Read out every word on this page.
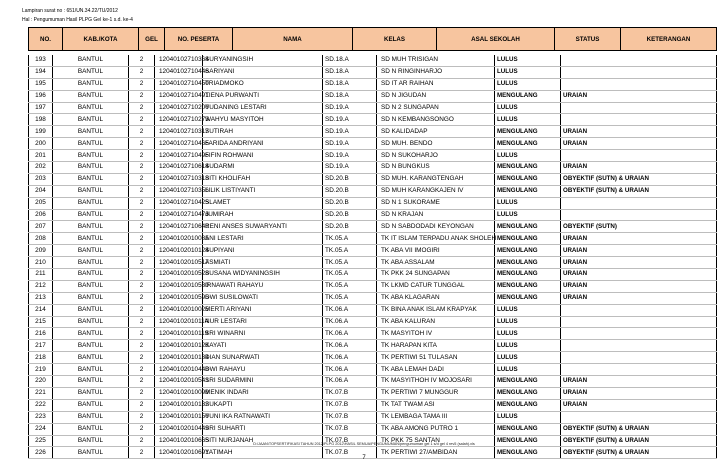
Lampiran surat no : 651/UN.34.22/TU/2012
Hal : Pengumuman Hasil PLPG Gel ke-1 s.d. ke-4
NO.	KAB./KOTA	GEL	NO. PESERTA	NAMA	KELAS	ASAL SEKOLAH	STATUS	KETERANGAN
193	BANTUL	2	12040102710364	SURYANINGSIH	SD.18.A	SD MUH TRISIGAN	LULUS	
194	BANTUL	2	12040102710446	SARIYANI	SD.18.A	SD N RINGINHARJO	LULUS	
195	BANTUL	2	12040102710450	TRIADMOKO	SD.18.A	SD IT AR RAIHAN	LULUS	
196	BANTUL	2	12040102710491	TIENA PURWANTI	SD.18.A	SD N JIGUDAN	MENGULANG	URAIAN
197	BANTUL	2	12040102710200	YUDANING LESTARI	SD.19.A	SD N 2 SUNGAPAN	LULUS	
198	BANTUL	2	12040102710273	WAHYU MASYITOH	SD.19.A	SD N KEMBANGSONGO	LULUS	
199	BANTUL	2	12040102710317	SUTIRAH	SD.19.A	SD KALIDADAP	MENGULANG	URAIAN
200	BANTUL	2	12040102710465	FARIDA ANDRIYANI	SD.19.A	SD MUH. BENDO	MENGULANG	URAIAN
201	BANTUL	2	12040102710495	FIFIN ROHWANI	SD.19.A	SD N SUKOHARJO	LULUS	
202	BANTUL	2	12040102710614	SUDARMI	SD.19.A	SD N BUNGKUS	MENGULANG	URAIAN
203	BANTUL	2	12040102710318	SITI KHOLIFAH	SD.20.B	SD MUH. KARANGTENGAH	MENGULANG	OBYEKTIF (SUTN) & URAIAN
204	BANTUL	2	12040102710356	LILIK LISTIYANTI	SD.20.B	SD MUH KARANGKAJEN IV	MENGULANG	OBYEKTIF (SUTN) & URAIAN
205	BANTUL	2	12040102710425	SLAMET	SD.20.B	SD N 1 SUKORAME	LULUS	
206	BANTUL	2	12040102710476	JUMIRAH	SD.20.B	SD N KRAJAN	LULUS	
207	BANTUL	2	12040102710648	RENI ANSES SUWARYANTI	SD.20.B	SD N SABDODADI KEYONGAN	MENGULANG	OBYEKTIF (SUTN)
208	BANTUL	2	12040102010035	ANI LESTARI	TK.05.A	TK IT ISLAM TERPADU ANAK SHOLEH	MENGULANG	URAIAN
209	BANTUL	2	12040102010124	SUPIYANI	TK.05.A	TK ABA VII IMOGIRI	MENGULANG	URAIAN
210	BANTUL	2	12040102010517	ASMIATI	TK.05.A	TK ABA ASSALAM	MENGULANG	URAIAN
211	BANTUL	2	12040102010528	SUSANA WIDYANINGSIH	TK.05.A	TK PKK 24 SUNGAPAN	MENGULANG	URAIAN
212	BANTUL	2	12040102010530	IRNAWATI RAHAYU	TK.05.A	TK LKMD CATUR TUNGGAL	MENGULANG	URAIAN
213	BANTUL	2	12040102010595	DWI SUSILOWATI	TK.05.A	TK ABA KLAGARAN	MENGULANG	URAIAN
214	BANTUL	2	12040102010025	MERTI ARIYANI	TK.06.A	TK BINA ANAK ISLAM KRAPYAK	LULUS	
215	BANTUL	2	12040102010114	NUR LESTARI	TK.06.A	TK ABA KALURAN	LULUS	
216	BANTUL	2	12040102010119	SRI WINARNI	TK.06.A	TK MASYITOH IV	LULUS	
217	BANTUL	2	12040102010128	KAYATI	TK.06.A	TK HARAPAN KITA	LULUS	
218	BANTUL	2	12040102010134	DIAN SUNARWATI	TK.06.A	TK PERTIWI 51 TULASAN	LULUS	
219	BANTUL	2	12040102010448	DWI RAHAYU	TK.06.A	TK ABA LEMAH DADI	LULUS	
220	BANTUL	2	12040102010541	SRI SUDARMINI	TK.06.A	TK MASYITHOH IV MOJOSARI	MENGULANG	URAIAN
221	BANTUL	2	12040102010099	MENIK INDARI	TK.07.B	TK PERTIWI 7 MUNGGUR	MENGULANG	URAIAN
222	BANTUL	2	12040102010132	SUKAPTI	TK.07.B	TK TAT TWAM ASI	MENGULANG	URAIAN
223	BANTUL	2	12040102010150	YUNI IKA RATNAWATI	TK.07.B	TK LEMBAGA TAMA III	LULUS	
224	BANTUL	2	12040102010449	SRI SUHARTI	TK.07.B	TK ABA AMONG PUTRO 1	MENGULANG	OBYEKTIF (SUTN) & URAIAN
225	BANTUL	2	12040102010665	SITI NURJANAH	TK.07.B	TK PKK 75 SANTAN	MENGULANG	OBYEKTIF (SUTN) & URAIAN
226	BANTUL	2	12040102010691	YATIMAH	TK.07.B	TK PERTIWI 27/AMBIDAN	MENGULANG	OBYEKTIF (SUTN) & URAIAN
D:\JAAN\TOPSERTIFIKASI TAHUN 2012\PLPG 2012\HASIL SEMUA\PENGUMUMAN\pengumuman gel 1 s/d gel 4 rev5 (salah).xls
7
